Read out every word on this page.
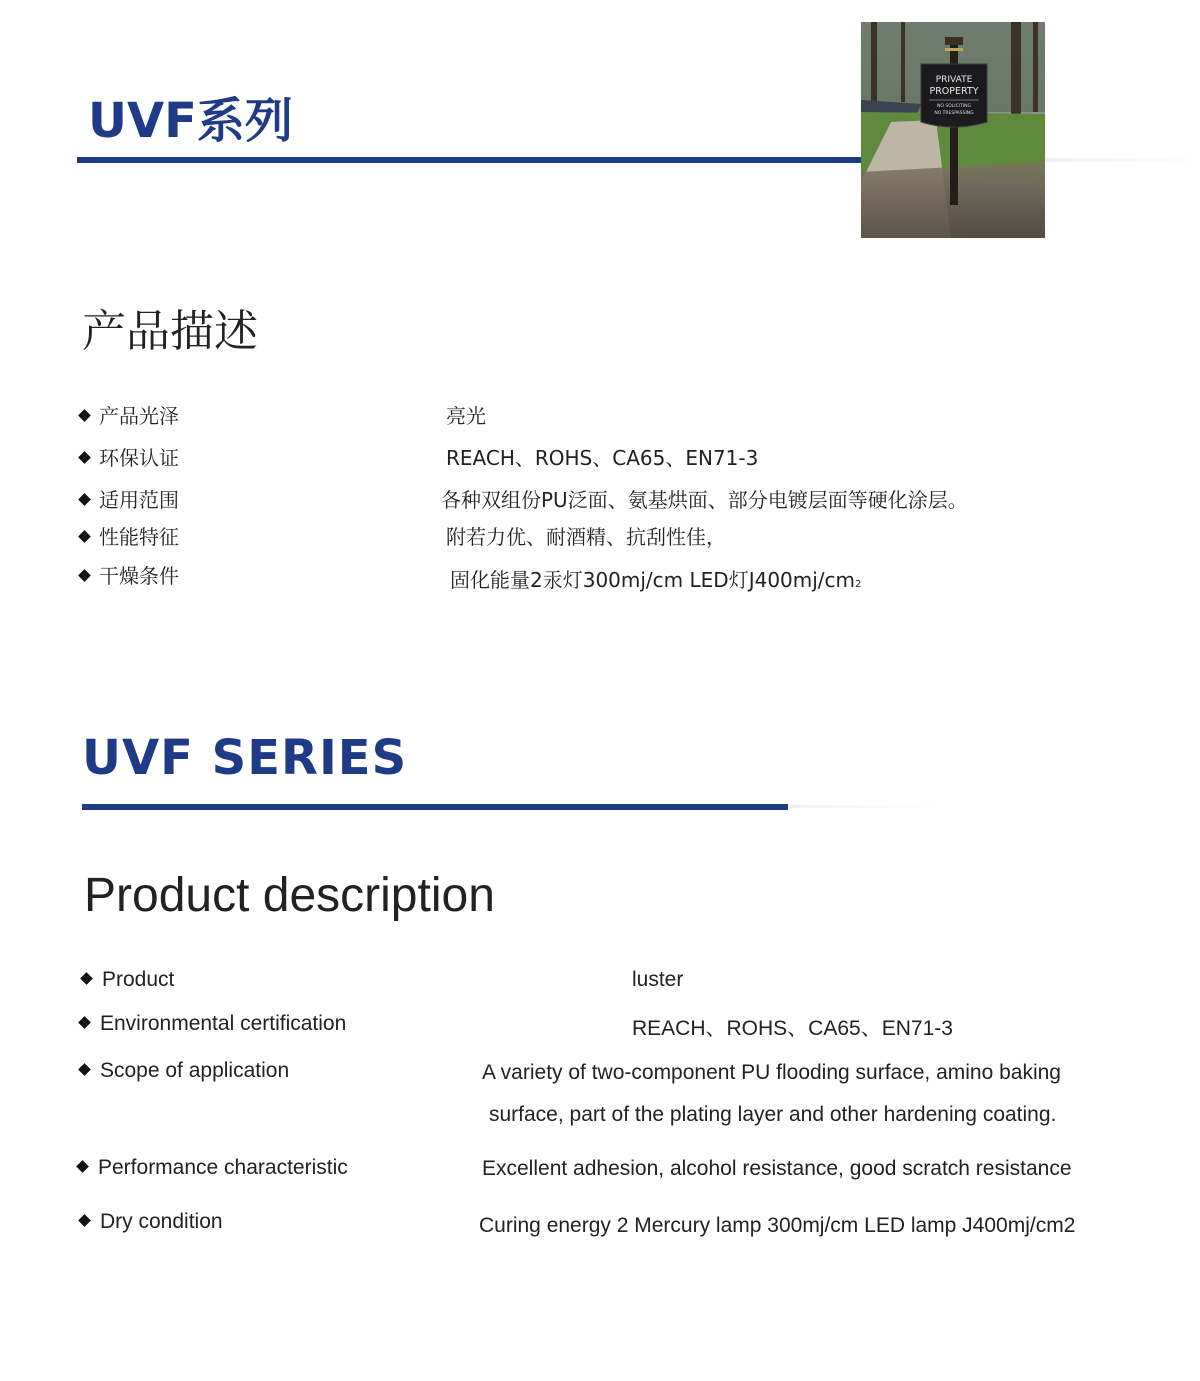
UVF系列
PRIVATE
PROPERTY
NO SOLICITING
NO TRESPASSING
产品描述
产品光泽	亮光
环保认证	REACH、ROHS、CA65、EN71-3
适用范围	各种双组份PU泛面、氨基烘面、部分电镀层面等硬化涂层。
性能特征	附若力优、耐酒精、抗刮性佳，
干燥条件	固化能量2汞灯300mj/cm LED灯J400mj/cm2
UVF SERIES
Product description
Product	luster
Environmental certification	REACH、ROHS、CA65、EN71-3
Scope of application	A variety of two-component PU flooding surface, amino baking
surface, part of the plating layer and other hardening coating.
Performance characteristic	Excellent adhesion, alcohol resistance, good scratch resistance
Dry condition	Curing energy 2 Mercury lamp 300mj/cm LED lamp J400mj/cm2
